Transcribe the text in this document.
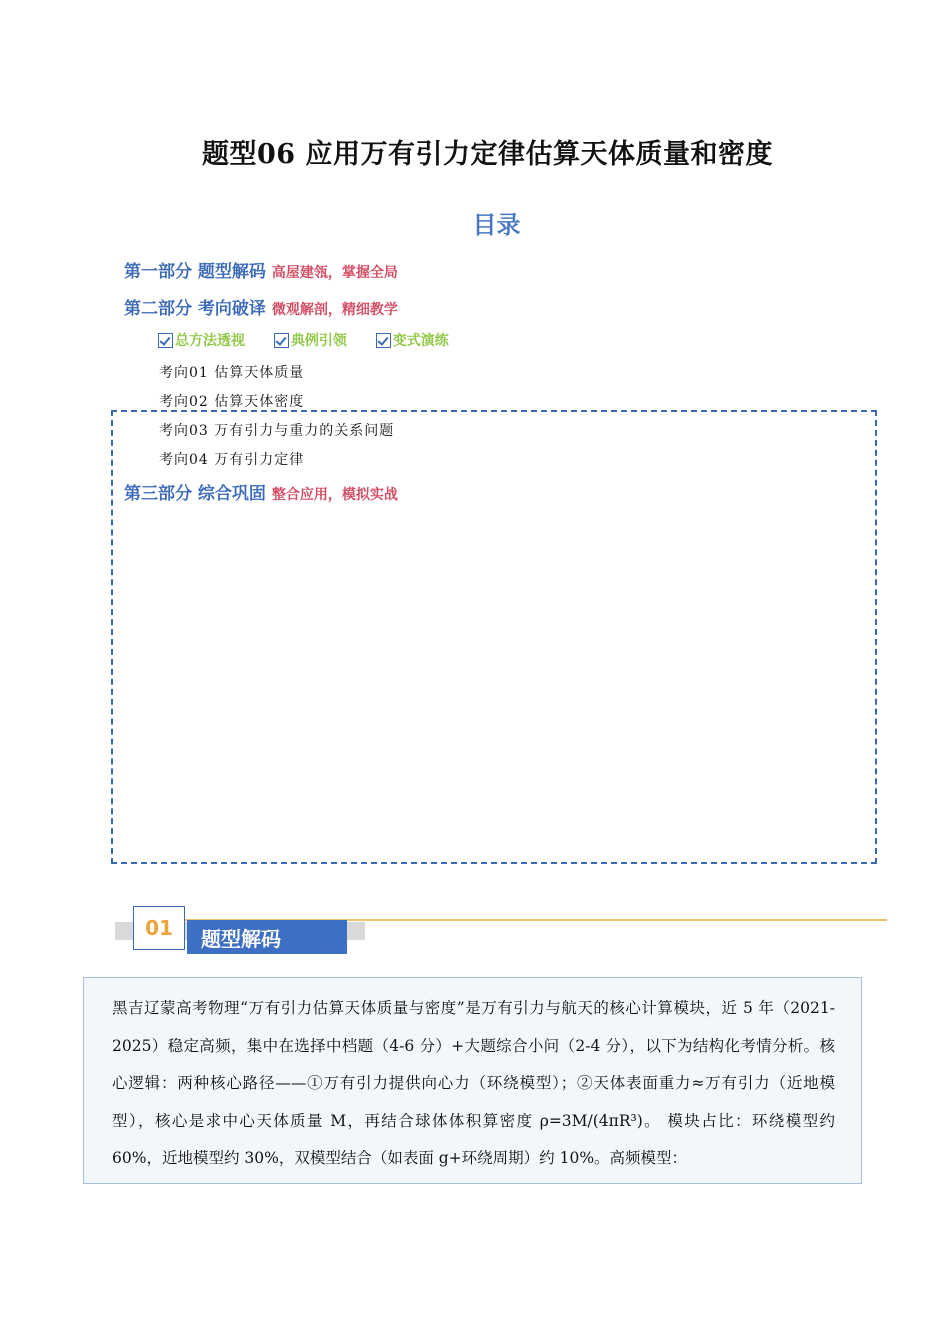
题型06 应用万有引力定律估算天体质量和密度
目录
第一部分 题型解码 高屋建瓴，掌握全局
第二部分 考向破译 微观解剖，精细教学
总方法透视
	典例引领
	变式演练
考向01 估算天体质量
考向02 估算天体密度
考向03 万有引力与重力的关系问题
考向04 万有引力定律
第三部分 综合巩固 整合应用，模拟实战
题型解码
01
黑吉辽蒙高考物理“万有引力估算天体质量与密度”是万有引力与航天的核心计算模块，近 5 年（2021-2025）稳定高频，集中在选择中档题（4-6 分）+大题综合小问（2-4 分），以下为结构化考情分析。核心逻辑：两种核心路径——①万有引力提供向心力（环绕模型）；②天体表面重力≈万有引力（近地模型），核心是求中心天体质量 M，再结合球体体积算密度 ρ=3M/(4πR³)。 模块占比：环绕模型约 60%，近地模型约 30%，双模型结合（如表面 g+环绕周期）约 10%。高频模型：
